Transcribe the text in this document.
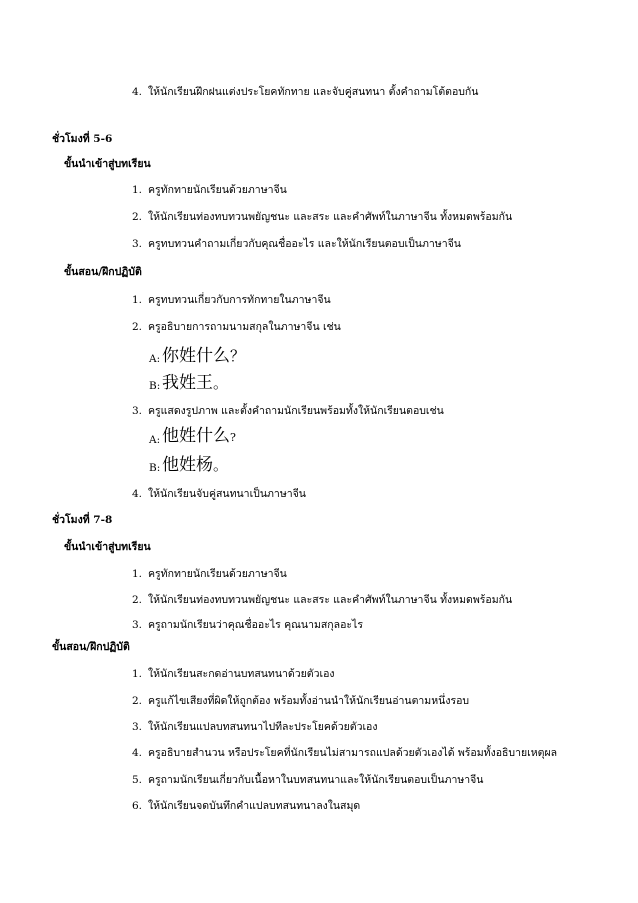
4. ให้นักเรียนฝึกฝนแต่งประโยคทักทาย และจับคู่สนทนา ตั้งคำถามโต้ตอบกัน
ชั่วโมงที่ 5-6
ขั้นนำเข้าสู่บทเรียน
1. ครูทักทายนักเรียนด้วยภาษาจีน
2. ให้นักเรียนท่องทบทวนพยัญชนะ และสระ และคำศัพท์ในภาษาจีน ทั้งหมดพร้อมกัน
3. ครูทบทวนคำถามเกี่ยวกับคุณชื่ออะไร และให้นักเรียนตอบเป็นภาษาจีน
ขั้นสอน/ฝึกปฏิบัติ
1. ครูทบทวนเกี่ยวกับการทักทายในภาษาจีน
2. ครูอธิบายการถามนามสกุลในภาษาจีน เช่น
A: 你姓什么？
B: 我姓王。
3. ครูแสดงรูปภาพ และตั้งคำถามนักเรียนพร้อมทั้งให้นักเรียนตอบเช่น
A: 他姓什么?
B: 他姓杨。
4. ให้นักเรียนจับคู่สนทนาเป็นภาษาจีน
ชั่วโมงที่ 7-8
ขั้นนำเข้าสู่บทเรียน
1. ครูทักทายนักเรียนด้วยภาษาจีน
2. ให้นักเรียนท่องทบทวนพยัญชนะ และสระ และคำศัพท์ในภาษาจีน ทั้งหมดพร้อมกัน
3. ครูถามนักเรียนว่าคุณชื่ออะไร คุณนามสกุลอะไร
ขั้นสอน/ฝึกปฏิบัติ
1. ให้นักเรียนสะกดอ่านบทสนทนาด้วยตัวเอง
2. ครูแก้ไขเสียงที่ผิดให้ถูกต้อง พร้อมทั้งอ่านนำให้นักเรียนอ่านตามหนึ่งรอบ
3. ให้นักเรียนแปลบทสนทนาไปทีละประโยคด้วยตัวเอง
4. ครูอธิบายสำนวน หรือประโยคที่นักเรียนไม่สามารถแปลด้วยตัวเองได้ พร้อมทั้งอธิบายเหตุผล
5. ครูถามนักเรียนเกี่ยวกับเนื้อหาในบทสนทนาและให้นักเรียนตอบเป็นภาษาจีน
6. ให้นักเรียนจดบันทึกคำแปลบทสนทนาลงในสมุด
